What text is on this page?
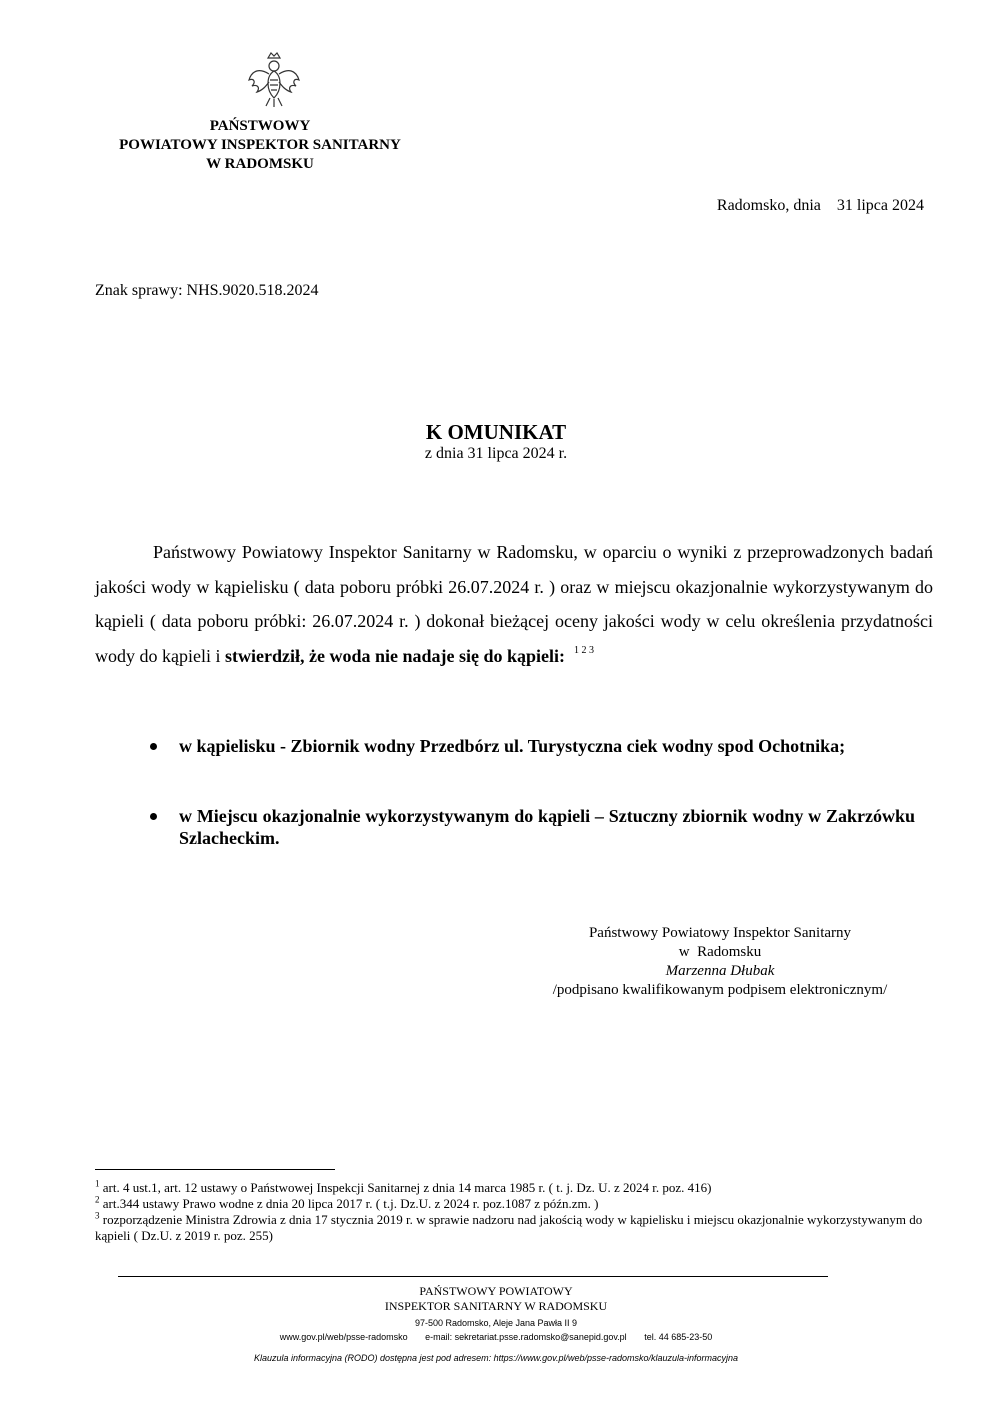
PAŃSTWOWY
POWIATOWY INSPEKTOR SANITARNY
W RADOMSKU
Radomsko, dnia    31 lipca 2024
Znak sprawy: NHS.9020.518.2024
K OMUNIKAT
z dnia 31 lipca 2024 r.

Państwowy Powiatowy Inspektor Sanitarny w Radomsku, w oparciu o wyniki z przeprowadzonych badań jakości wody w kąpielisku ( data poboru próbki 26.07.2024 r. ) oraz w miejscu okazjonalnie wykorzystywanym do kąpieli ( data poboru próbki: 26.07.2024 r. ) dokonał bieżącej oceny jakości wody w celu określenia przydatności wody do kąpieli i stwierdził, że woda nie nadaje się do kąpieli: $^{1 2 3}$

w kąpielisku - Zbiornik wodny Przedbórz ul. Turystyczna ciek wodny spod Ochotnika;
w Miejscu okazjonalnie wykorzystywanym do kąpieli – Sztuczny zbiornik wodny w Zakrzówku Szlacheckim.
Państwowy Powiatowy Inspektor Sanitarny
w  Radomsku
Marzenna Dłubak
/podpisano kwalifikowanym podpisem elektronicznym/
$^1$ art. 4 ust.1, art. 12 ustawy o Państwowej Inspekcji Sanitarnej z dnia 14 marca 1985 r. ( t. j. Dz. U. z 2024 r. poz. 416)
$^2$ art.344 ustawy Prawo wodne z dnia 20 lipca 2017 r. ( t.j. Dz.U. z 2024 r. poz.1087 z późn.zm. )
$^3$ rozporządzenie Ministra Zdrowia z dnia 17 stycznia 2019 r. w sprawie nadzoru nad jakością wody w kąpielisku i miejscu okazjonalnie wykorzystywanym do kąpieli ( Dz.U. z 2019 r. poz. 255)
PAŃSTWOWY POWIATOWY
INSPEKTOR SANITARNY W RADOMSKU
97-500 Radomsko, Aleje Jana Pawła II 9
www.gov.pl/web/psse-radomsko e-mail: sekretariat.psse.radomsko@sanepid.gov.pl tel. 44 685-23-50
Klauzula informacyjna (RODO) dostępna jest pod adresem: https://www.gov.pl/web/psse-radomsko/klauzula-informacyjna
